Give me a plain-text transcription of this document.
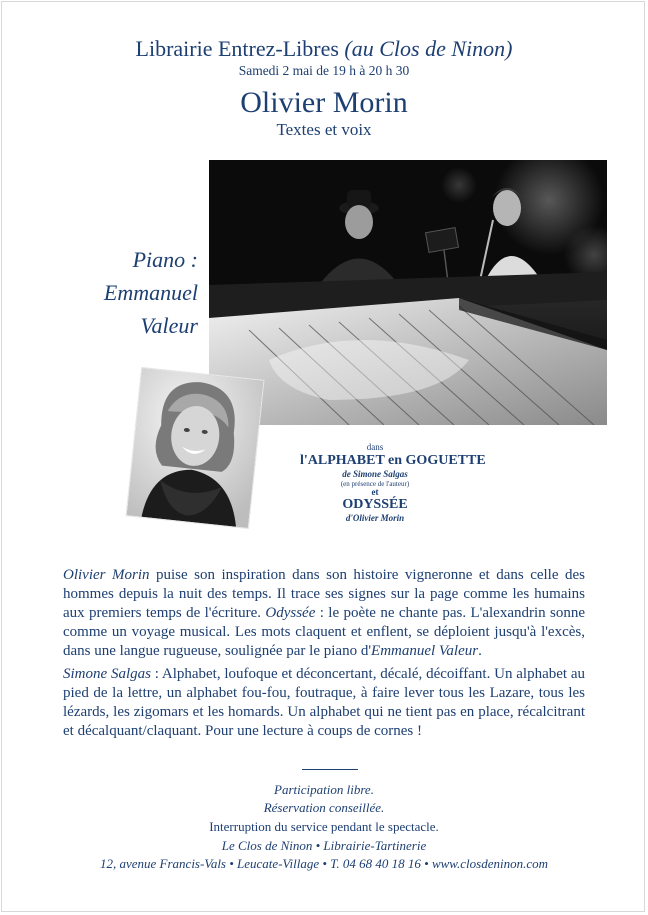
Librairie Entrez-Libres (au Clos de Ninon)
Samedi 2 mai de 19 h à 20 h 30
Olivier Morin
Textes et voix
Piano :
Emmanuel
Valeur
dans
l'ALPHABET en GOGUETTE
de Simone Salgas
(en présence de l'auteur)
et
ODYSSÉE
d'Olivier Morin
Olivier Morin puise son inspiration dans son histoire vigneronne et dans celle des hommes depuis la nuit des temps. Il trace ses signes sur la page comme les humains aux premiers temps de l'écriture. Odyssée : le poète ne chante pas. L'alexandrin sonne comme un voyage musical. Les mots claquent et enflent, se déploient jusqu'à l'excès, dans une langue rugueuse, soulignée par le piano d'Emmanuel Valeur.
Simone Salgas : Alphabet, loufoque et déconcertant, décalé, décoiffant. Un alphabet au pied de la lettre, un alphabet fou-fou, foutraque, à faire lever tous les Lazare, tous les lézards, les zigomars et les homards. Un alphabet qui ne tient pas en place, récalcitrant et décalquant/claquant. Pour une lecture à coups de cornes !
Participation libre.
Réservation conseillée.
Interruption du service pendant le spectacle.
Le Clos de Ninon • Librairie-Tartinerie
12, avenue Francis-Vals • Leucate-Village • T. 04 68 40 18 16 • www.closdeninon.com
